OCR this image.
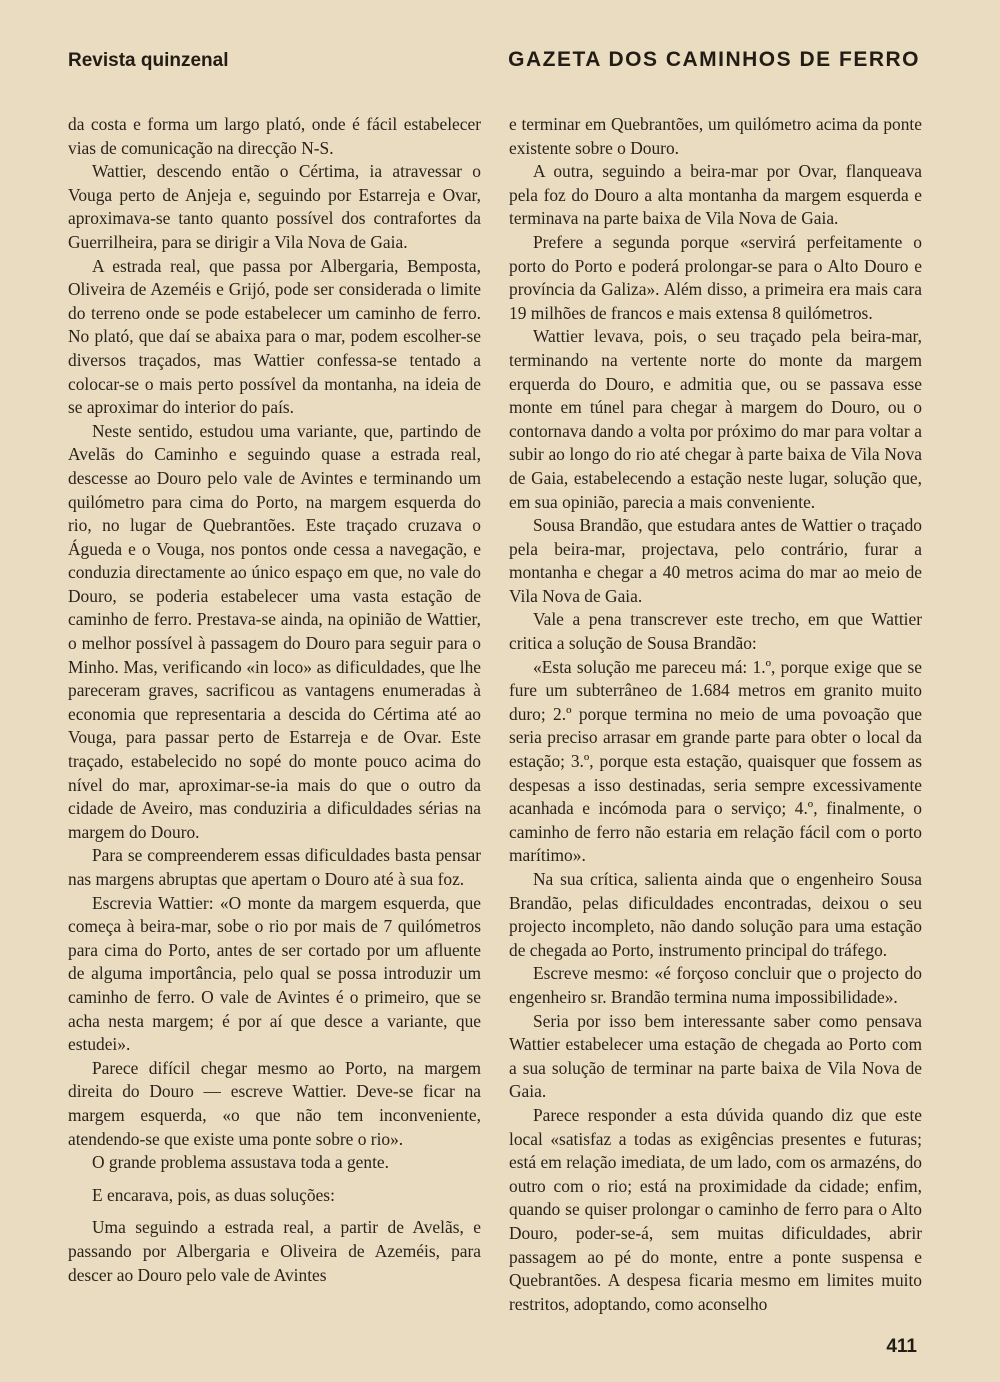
Revista quinzenal	GAZETA DOS CAMINHOS DE FERRO

da costa e forma um largo plató, onde é fácil estabelecer vias de comunicação na direcção N-S.

Wattier, descendo então o Cértima, ia atravessar o Vouga perto de Anjeja e, seguindo por Estarreja e Ovar, aproximava-se tanto quanto possível dos contrafortes da Guerrilheira, para se dirigir a Vila Nova de Gaia.

A estrada real, que passa por Albergaria, Bemposta, Oliveira de Azeméis e Grijó, pode ser considerada o limite do terreno onde se pode estabelecer um caminho de ferro. No plató, que daí se abaixa para o mar, podem escolher-se diversos traçados, mas Wattier confessa-se tentado a colocar-se o mais perto possível da montanha, na ideia de se aproximar do interior do país.

Neste sentido, estudou uma variante, que, partindo de Avelãs do Caminho e seguindo quase a estrada real, descesse ao Douro pelo vale de Avintes e terminando um quilómetro para cima do Porto, na margem esquerda do rio, no lugar de Quebrantões. Este traçado cruzava o Águeda e o Vouga, nos pontos onde cessa a navegação, e conduzia directamente ao único espaço em que, no vale do Douro, se poderia estabelecer uma vasta estação de caminho de ferro. Prestava-se ainda, na opinião de Wattier, o melhor possível à passagem do Douro para seguir para o Minho. Mas, verificando «in loco» as dificuldades, que lhe pareceram graves, sacrificou as vantagens enumeradas à economia que representaria a descida do Cértima até ao Vouga, para passar perto de Estarreja e de Ovar. Este traçado, estabelecido no sopé do monte pouco acima do nível do mar, aproximar-se-ia mais do que o outro da cidade de Aveiro, mas conduziria a dificuldades sérias na margem do Douro.

Para se compreenderem essas dificuldades basta pensar nas margens abruptas que apertam o Douro até à sua foz.

Escrevia Wattier: «O monte da margem esquerda, que começa à beira-mar, sobe o rio por mais de 7 quilómetros para cima do Porto, antes de ser cortado por um afluente de alguma importância, pelo qual se possa introduzir um caminho de ferro. O vale de Avintes é o primeiro, que se acha nesta margem; é por aí que desce a variante, que estudei».

Parece difícil chegar mesmo ao Porto, na margem direita do Douro — escreve Wattier. Deve-se ficar na margem esquerda, «o que não tem inconveniente, atendendo-se que existe uma ponte sobre o rio».

O grande problema assustava toda a gente.

E encarava, pois, as duas soluções:

Uma seguindo a estrada real, a partir de Avelãs, e passando por Albergaria e Oliveira de Azeméis, para descer ao Douro pelo vale de Avintes

e terminar em Quebrantões, um quilómetro acima da ponte existente sobre o Douro.

A outra, seguindo a beira-mar por Ovar, flanqueava pela foz do Douro a alta montanha da margem esquerda e terminava na parte baixa de Vila Nova de Gaia.

Prefere a segunda porque «servirá perfeitamente o porto do Porto e poderá prolongar-se para o Alto Douro e província da Galiza». Além disso, a primeira era mais cara 19 milhões de francos e mais extensa 8 quilómetros.

Wattier levava, pois, o seu traçado pela beira-mar, terminando na vertente norte do monte da margem erquerda do Douro, e admitia que, ou se passava esse monte em túnel para chegar à margem do Douro, ou o contornava dando a volta por próximo do mar para voltar a subir ao longo do rio até chegar à parte baixa de Vila Nova de Gaia, estabelecendo a estação neste lugar, solução que, em sua opinião, parecia a mais conveniente.

Sousa Brandão, que estudara antes de Wattier o traçado pela beira-mar, projectava, pelo contrário, furar a montanha e chegar a 40 metros acima do mar ao meio de Vila Nova de Gaia.

Vale a pena transcrever este trecho, em que Wattier critica a solução de Sousa Brandão:

«Esta solução me pareceu má: 1.º, porque exige que se fure um subterrâneo de 1.684 metros em granito muito duro; 2.º porque termina no meio de uma povoação que seria preciso arrasar em grande parte para obter o local da estação; 3.º, porque esta estação, quaisquer que fossem as despesas a isso destinadas, seria sempre excessivamente acanhada e incómoda para o serviço; 4.º, finalmente, o caminho de ferro não estaria em relação fácil com o porto marítimo».

Na sua crítica, salienta ainda que o engenheiro Sousa Brandão, pelas dificuldades encontradas, deixou o seu projecto incompleto, não dando solução para uma estação de chegada ao Porto, instrumento principal do tráfego.

Escreve mesmo: «é forçoso concluir que o projecto do engenheiro sr. Brandão termina numa impossibilidade».

Seria por isso bem interessante saber como pensava Wattier estabelecer uma estação de chegada ao Porto com a sua solução de terminar na parte baixa de Vila Nova de Gaia.

Parece responder a esta dúvida quando diz que este local «satisfaz a todas as exigências presentes e futuras; está em relação imediata, de um lado, com os armazéns, do outro com o rio; está na proximidade da cidade; enfim, quando se quiser prolongar o caminho de ferro para o Alto Douro, poder-se-á, sem muitas dificuldades, abrir passagem ao pé do monte, entre a ponte suspensa e Quebrantões. A despesa ficaria mesmo em limites muito restritos, adoptando, como aconselho

411
